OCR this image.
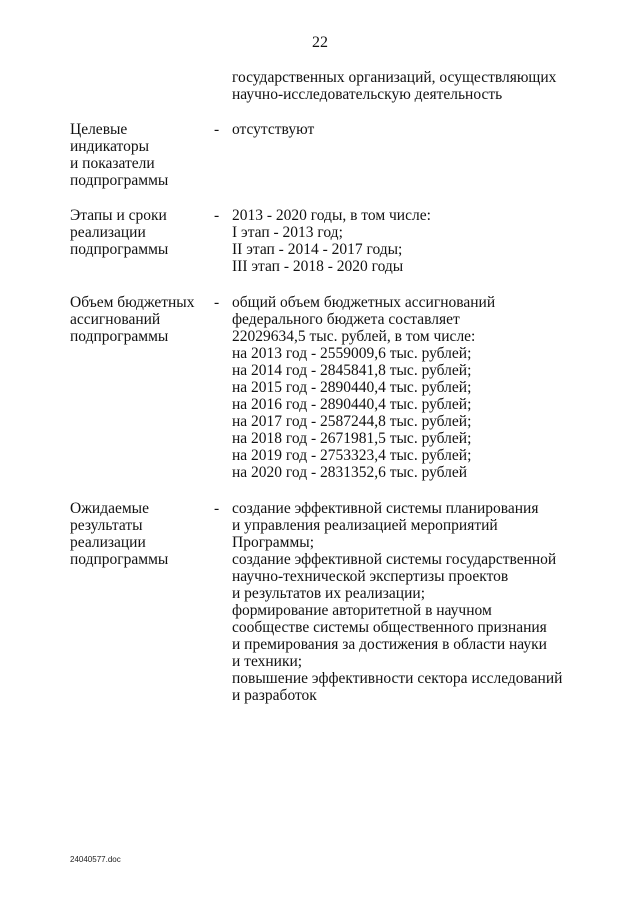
22
государственных организаций, осуществляющих
научно-исследовательскую деятельность
Целевые
индикаторы
и показатели
подпрограммы
- отсутствуют
Этапы и сроки
реализации
подпрограммы
- 2013 - 2020 годы, в том числе:
I этап - 2013 год;
II этап - 2014 - 2017 годы;
III этап - 2018 - 2020 годы
Объем бюджетных
ассигнований
подпрограммы
- общий объем бюджетных ассигнований
федерального бюджета составляет
22029634,5 тыс. рублей, в том числе:
на 2013 год - 2559009,6 тыс. рублей;
на 2014 год - 2845841,8 тыс. рублей;
на 2015 год - 2890440,4 тыс. рублей;
на 2016 год - 2890440,4 тыс. рублей;
на 2017 год - 2587244,8 тыс. рублей;
на 2018 год - 2671981,5 тыс. рублей;
на 2019 год - 2753323,4 тыс. рублей;
на 2020 год - 2831352,6 тыс. рублей
Ожидаемые
результаты
реализации
подпрограммы
- создание эффективной системы планирования
и управления реализацией мероприятий
Программы;
создание эффективной системы государственной
научно-технической экспертизы проектов
и результатов их реализации;
формирование авторитетной в научном
сообществе системы общественного признания
и премирования за достижения в области науки
и техники;
повышение эффективности сектора исследований
и разработок
24040577.doc
